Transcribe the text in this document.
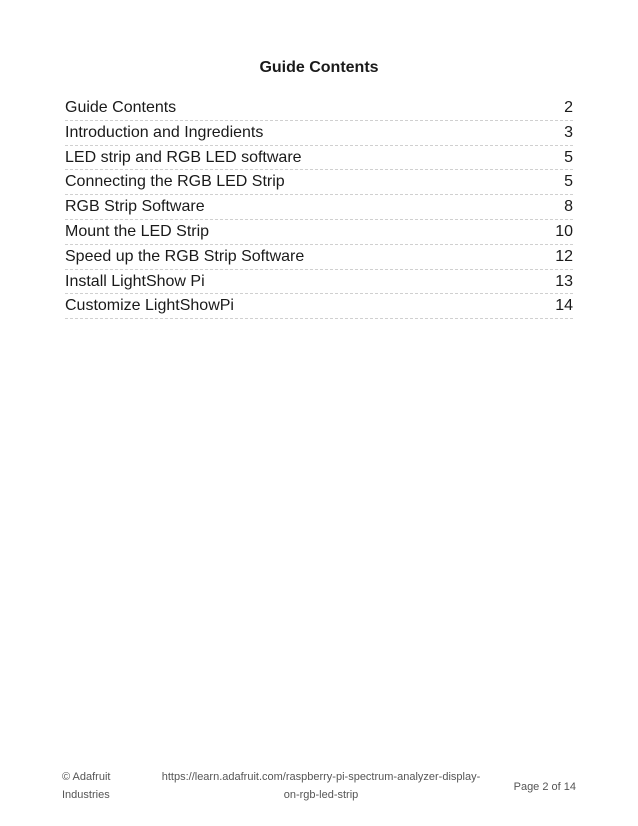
Guide Contents
Guide Contents	2
Introduction and Ingredients	3
LED strip and RGB LED software	5
Connecting the RGB LED Strip	5
RGB Strip Software	8
Mount the LED Strip	10
Speed up the RGB Strip Software	12
Install LightShow Pi	13
Customize LightShowPi	14
© Adafruit Industries
https://learn.adafruit.com/raspberry-pi-spectrum-analyzer-display-on-rgb-led-strip
Page 2 of 14
